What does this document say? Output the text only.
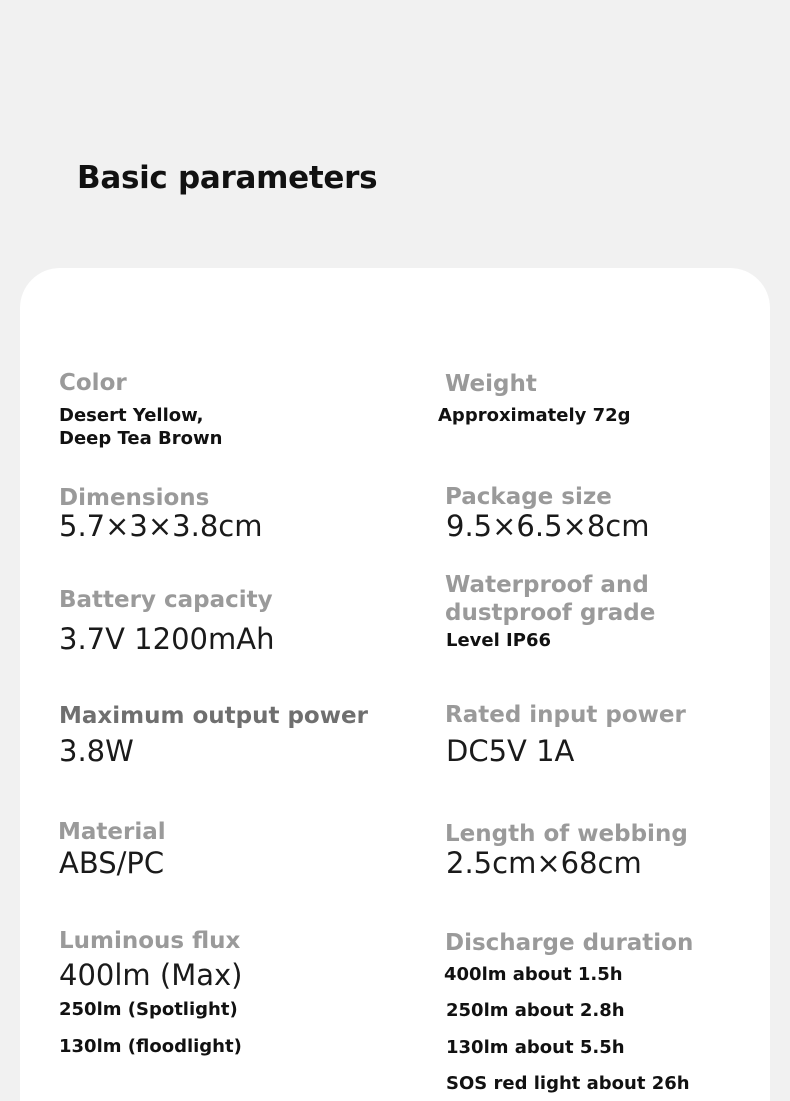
Basic parameters
Color
Desert Yellow,
Deep Tea Brown
Weight
Approximately 72g
Dimensions
5.7×3×3.8cm
Package size
9.5×6.5×8cm
Battery capacity
3.7V 1200mAh
Waterproof and
dustproof grade
Level IP66
Maximum output power
3.8W
Rated input power
DC5V 1A
Material
ABS/PC
Length of webbing
2.5cm×68cm
Luminous flux
400lm (Max)
250lm (Spotlight)
130lm (floodlight)
Discharge duration
400lm about 1.5h
250lm about 2.8h
130lm about 5.5h
SOS red light about 26h
